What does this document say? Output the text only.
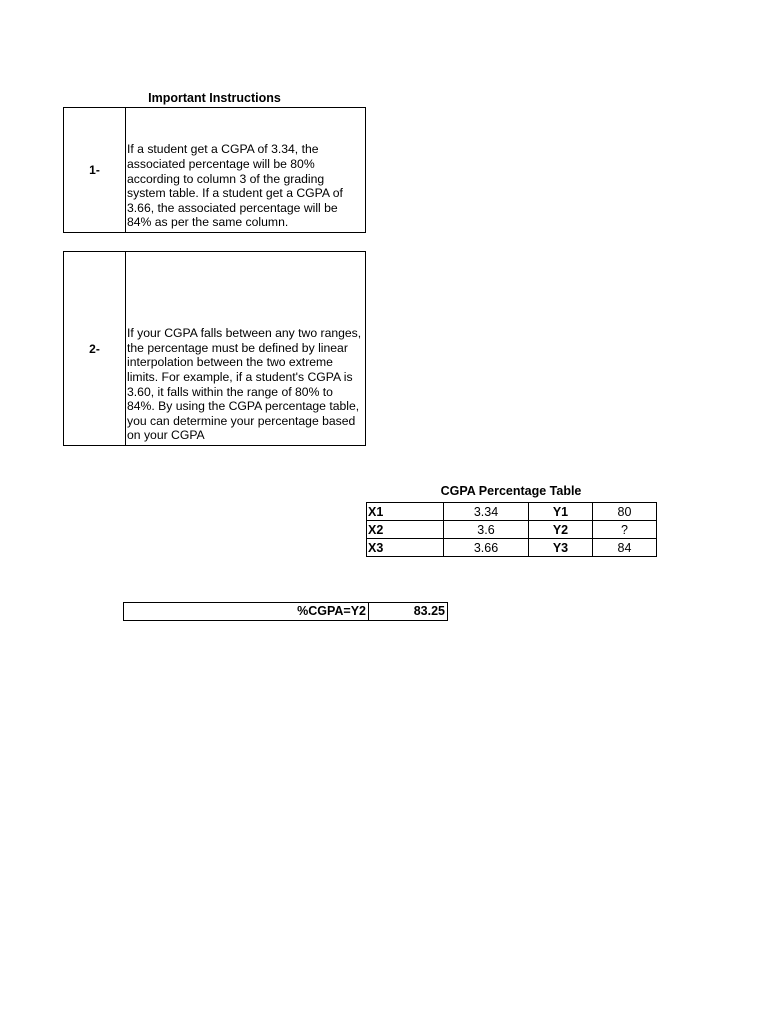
Important Instructions
1-
If a student get a CGPA of 3.34, the associated percentage will be 80% according to column 3 of the grading system table. If a student get a CGPA of 3.66, the associated percentage will be 84% as per the same column.
2-
If your CGPA falls between any two ranges, the percentage must be defined by linear interpolation between the two extreme limits. For example, if a student's CGPA is 3.60, it falls within the range of 80% to 84%. By using the CGPA percentage table, you can determine your percentage based on your CGPA
CGPA Percentage Table
X1	3.34	Y1	80
X2	3.6	Y2	?
X3	3.66	Y3	84
%CGPA=Y2	83.25
